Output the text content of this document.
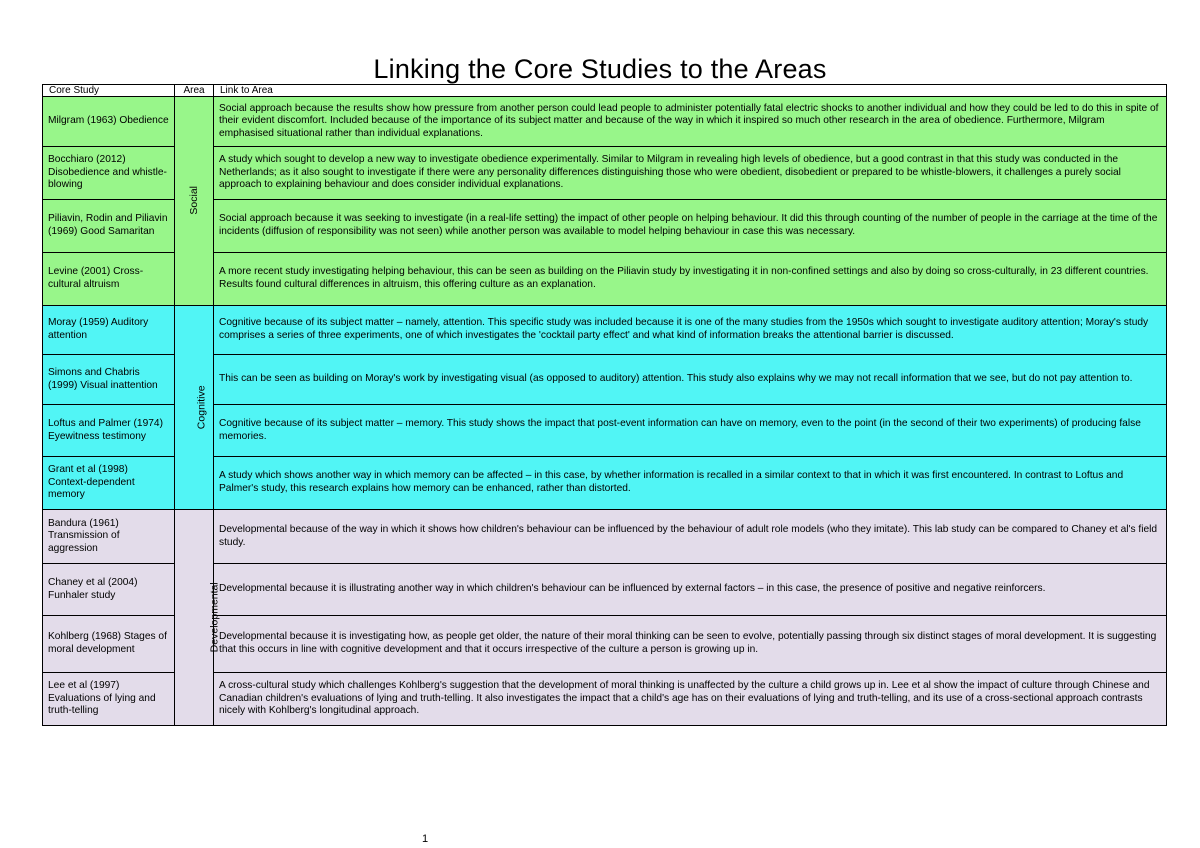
Linking the Core Studies to the Areas
Core Study	Area	Link to Area
Milgram (1963) Obedience	Social	Social approach because the results show how pressure from another person could lead people to administer potentially fatal electric shocks to another individual and how they could be led to do this in spite of their evident discomfort. Included because of the importance of its subject matter and because of the way in which it inspired so much other research in the area of obedience. Furthermore, Milgram emphasised situational rather than individual explanations.
Bocchiaro (2012) Disobedience and whistle- blowing		A study which sought to develop a new way to investigate obedience experimentally. Similar to Milgram in revealing high levels of obedience, but a good contrast in that this study was conducted in the Netherlands; as it also sought to investigate if there were any personality differences distinguishing those who were obedient, disobedient or prepared to be whistle-blowers, it challenges a purely social approach to explaining behaviour and does consider individual explanations.
Piliavin, Rodin and Piliavin (1969) Good Samaritan		Social approach because it was seeking to investigate (in a real-life setting) the impact of other people on helping behaviour. It did this through counting of the number of people in the carriage at the time of the incidents (diffusion of responsibility was not seen) while another person was available to model helping behaviour in case this was necessary.
Levine (2001) Cross-cultural altruism		A more recent study investigating helping behaviour, this can be seen as building on the Piliavin study by investigating it in non-confined settings and also by doing so cross-culturally, in 23 different countries. Results found cultural differences in altruism, this offering culture as an explanation.
Moray (1959) Auditory attention	Cognitive	Cognitive because of its subject matter – namely, attention. This specific study was included because it is one of the many studies from the 1950s which sought to investigate auditory attention; Moray's study comprises a series of three experiments, one of which investigates the 'cocktail party effect' and what kind of information breaks the attentional barrier is discussed.
Simons and Chabris (1999) Visual inattention		This can be seen as building on Moray's work by investigating visual (as opposed to auditory) attention. This study also explains why we may not recall information that we see, but do not pay attention to.
Loftus and Palmer (1974) Eyewitness testimony		Cognitive because of its subject matter – memory. This study shows the impact that post-event information can have on memory, even to the point (in the second of their two experiments) of producing false memories.
Grant et al (1998) Context-dependent memory		A study which shows another way in which memory can be affected – in this case, by whether information is recalled in a similar context to that in which it was first encountered. In contrast to Loftus and Palmer's study, this research explains how memory can be enhanced, rather than distorted.
Bandura (1961) Transmission of aggression	Developmental	Developmental because of the way in which it shows how children's behaviour can be influenced by the behaviour of adult role models (who they imitate). This lab study can be compared to Chaney et al's field study.
Chaney et al (2004) Funhaler study		Developmental because it is illustrating another way in which children's behaviour can be influenced by external factors – in this case, the presence of positive and negative reinforcers.
Kohlberg (1968) Stages of moral development		Developmental because it is investigating how, as people get older, the nature of their moral thinking can be seen to evolve, potentially passing through six distinct stages of moral development. It is suggesting that this occurs in line with cognitive development and that it occurs irrespective of the culture a person is growing up in.
Lee et al (1997) Evaluations of lying and truth-telling		A cross-cultural study which challenges Kohlberg's suggestion that the development of moral thinking is unaffected by the culture a child grows up in. Lee et al show the impact of culture through Chinese and Canadian children's evaluations of lying and truth-telling. It also investigates the impact that a child's age has on their evaluations of lying and truth-telling, and its use of a cross-sectional approach contrasts nicely with Kohlberg's longitudinal approach.
1
